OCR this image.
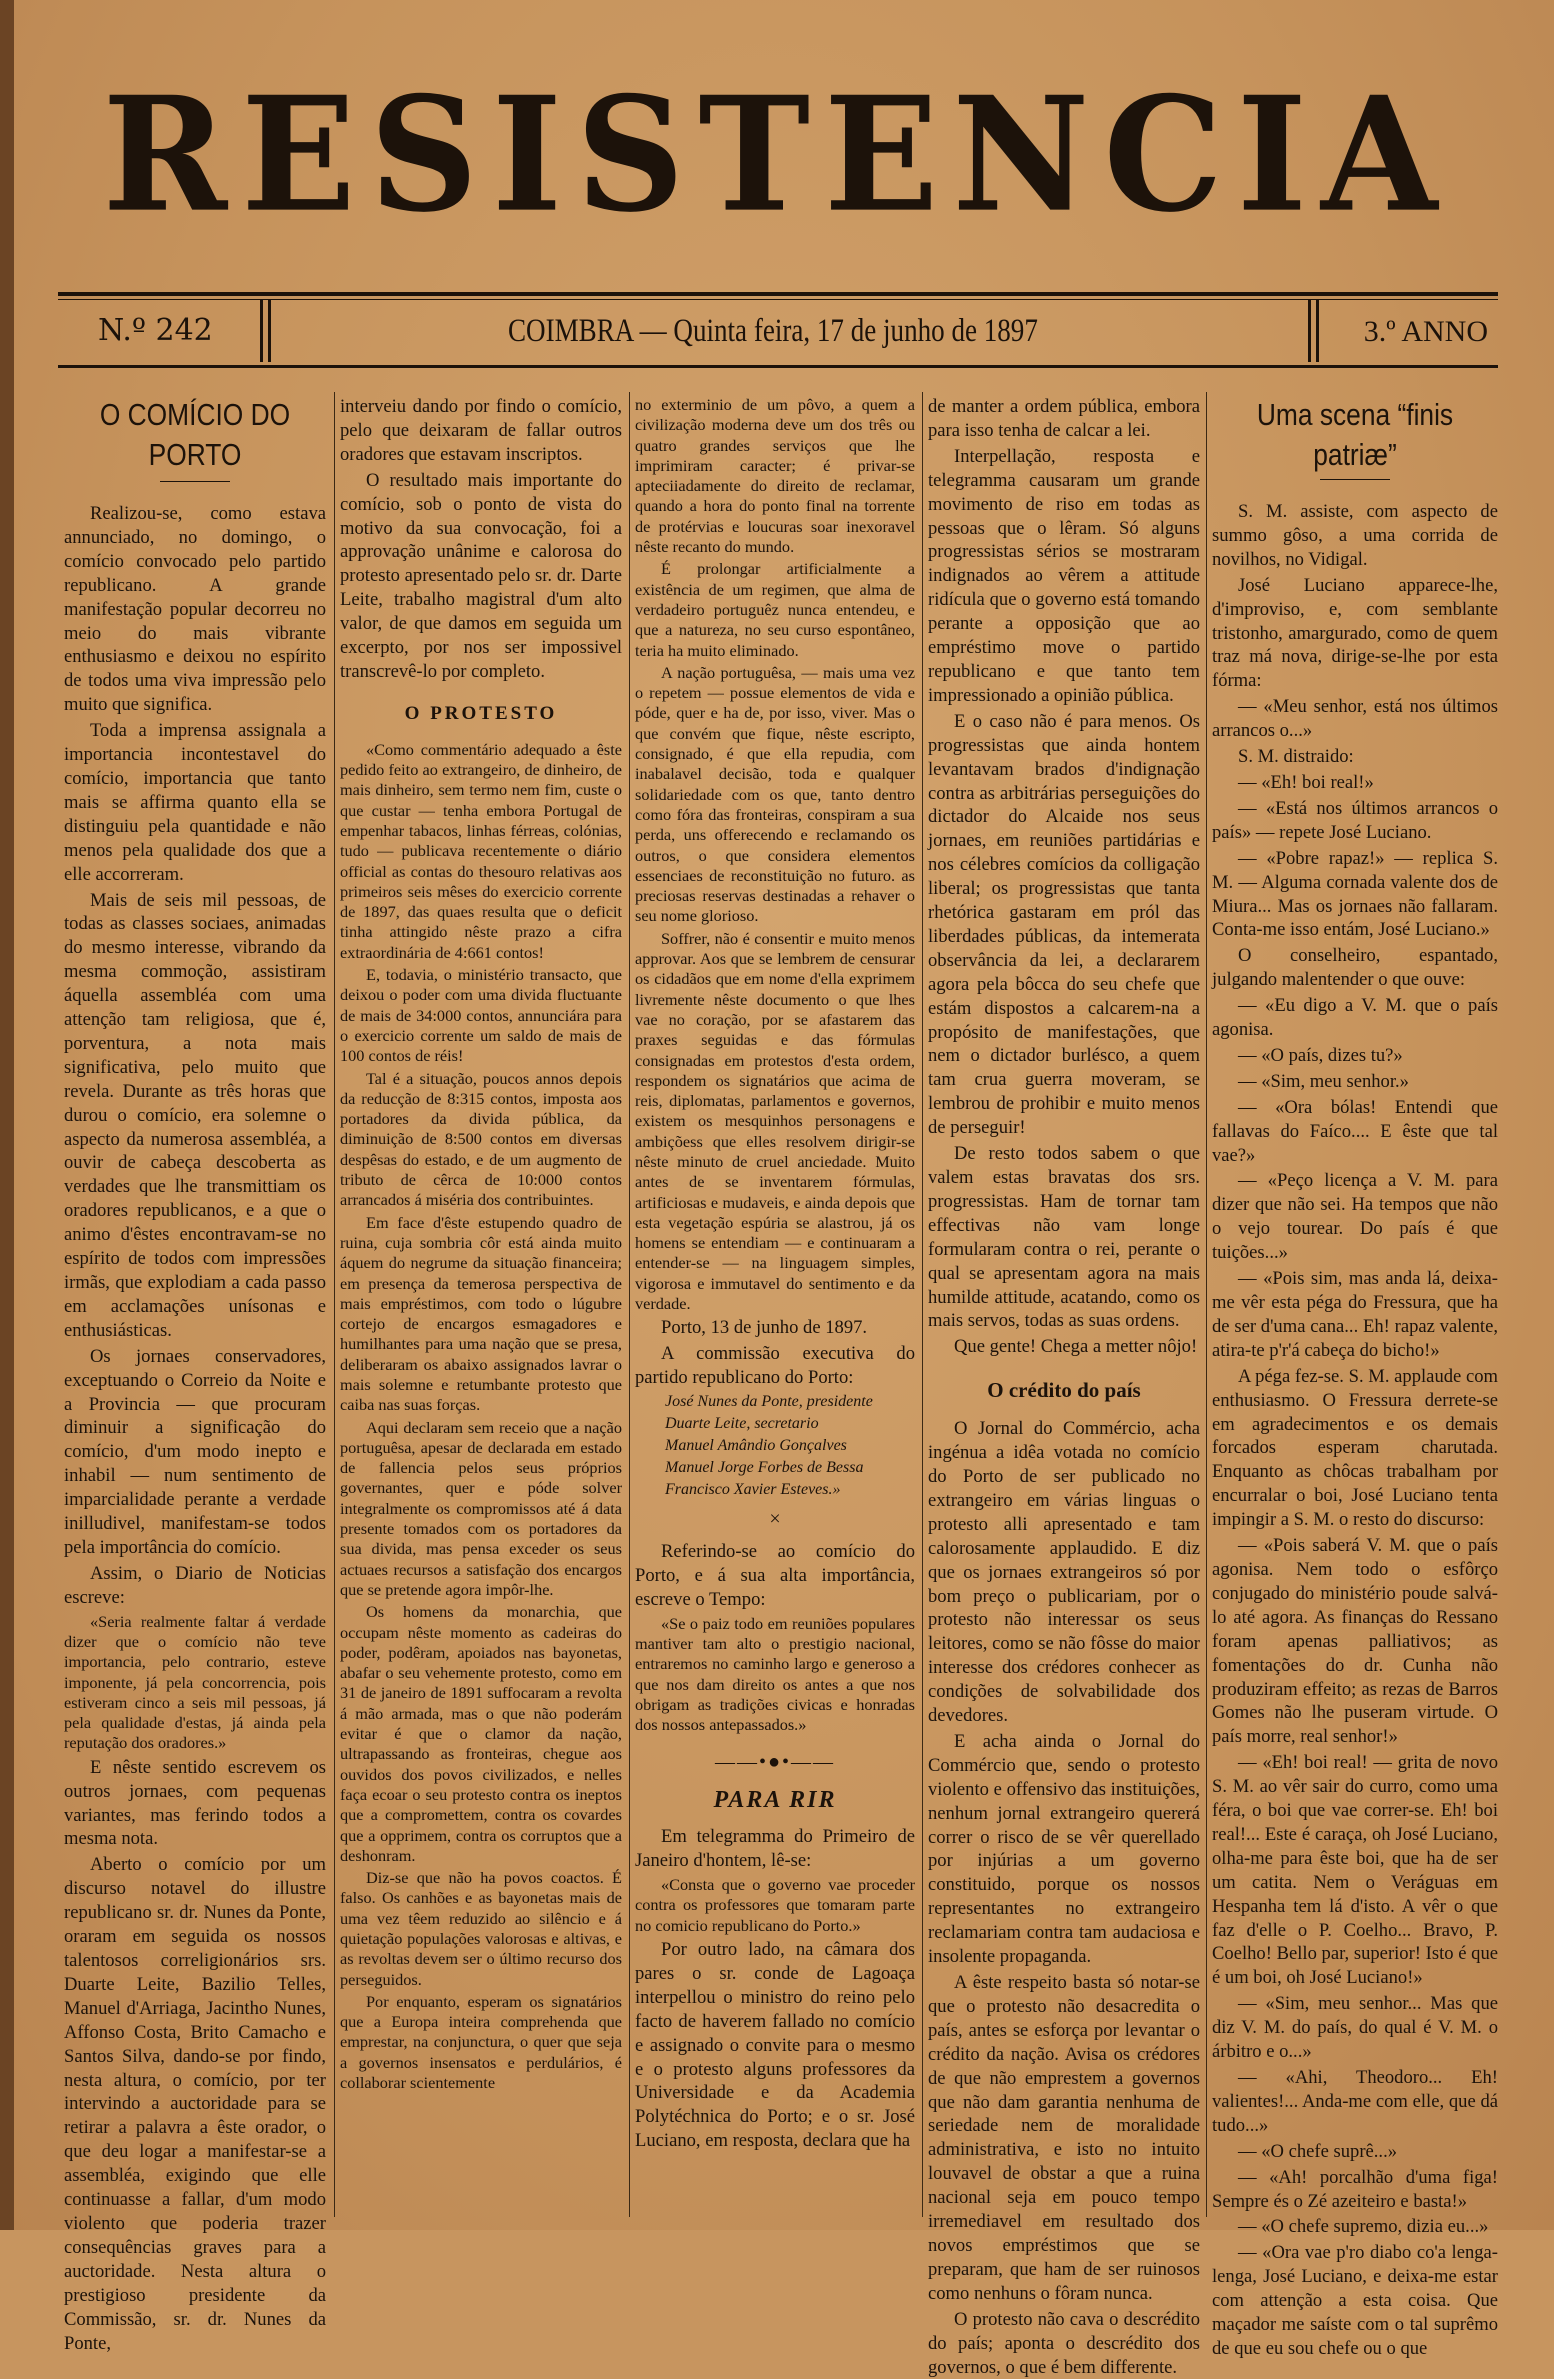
RESISTENCIA
N.º 242	COIMBRA — Quinta feira, 17 de junho de 1897	3.º ANNO
O COMÍCIO DO PORTO

Realizou-se, como estava annunciado, no domingo, o comício convocado pelo partido republicano. A grande manifestação popular decorreu no meio do mais vibrante enthusiasmo e deixou no espírito de todos uma viva impressão pelo muito que significa.

Toda a imprensa assignala a importancia incontestavel do comício, importancia que tanto mais se affirma quanto ella se distinguiu pela quantidade e não menos pela qualidade dos que a elle accorreram.

Mais de seis mil pessoas, de todas as classes sociaes, animadas do mesmo interesse, vibrando da mesma commoção, assistiram áquella assembléa com uma attenção tam religiosa, que é, porventura, a nota mais significativa, pelo muito que revela. Durante as três horas que durou o comício, era solemne o aspecto da numerosa assembléa, a ouvir de cabeça descoberta as verdades que lhe transmittiam os oradores republicanos, e a que o animo d'êstes encontravam-se no espírito de todos com impressões irmãs, que explodiam a cada passo em acclamações unísonas e enthusiásticas.

Os jornaes conservadores, exceptuando o Correio da Noite e a Provincia — que procuram diminuir a significação do comício, d'um modo inepto e inhabil — num sentimento de imparcialidade perante a verdade inilludivel, manifestam-se todos pela importância do comício.

Assim, o Diario de Noticias escreve:

«Seria realmente faltar á verdade dizer que o comício não teve importancia, pelo contrario, esteve imponente, já pela concorrencia, pois estiveram cinco a seis mil pessoas, já pela qualidade d'estas, já ainda pela reputação dos oradores.»

E nêste sentido escrevem os outros jornaes, com pequenas variantes, mas ferindo todos a mesma nota.

Aberto o comício por um discurso notavel do illustre republicano sr. dr. Nunes da Ponte, oraram em seguida os nossos talentosos correligionários srs. Duarte Leite, Bazilio Telles, Manuel d'Arriaga, Jacintho Nunes, Affonso Costa, Brito Camacho e Santos Silva, dando-se por findo, nesta altura, o comício, por ter intervindo a auctoridade para se retirar a palavra a êste orador, o que deu logar a manifestar-se a assembléa, exigindo que elle continuasse a fallar, d'um modo violento que poderia trazer consequências graves para a auctoridade. Nesta altura o prestigioso presidente da Commissão, sr. dr. Nunes da Ponte,

interveiu dando por findo o comício, pelo que deixaram de fallar outros oradores que estavam inscriptos.

O resultado mais importante do comício, sob o ponto de vista do motivo da sua convocação, foi a approvação unânime e calorosa do protesto apresentado pelo sr. dr. Darte Leite, trabalho magistral d'um alto valor, de que damos em seguida um excerpto, por nos ser impossivel transcrevê-lo por completo.

O PROTESTO

«Como commentário adequado a êste pedido feito ao extrangeiro, de dinheiro, de mais dinheiro, sem termo nem fim, custe o que custar — tenha embora Portugal de empenhar tabacos, linhas férreas, colónias, tudo — publicava recentemente o diário official as contas do thesouro relativas aos primeiros seis mêses do exercicio corrente de 1897, das quaes resulta que o deficit tinha attingido nêste prazo a cifra extraordinária de 4:661 contos!

E, todavia, o ministério transacto, que deixou o poder com uma divida fluctuante de mais de 34:000 contos, annunciára para o exercicio corrente um saldo de mais de 100 contos de réis!

Tal é a situação, poucos annos depois da reducção de 8:315 contos, imposta aos portadores da divida pública, da diminuição de 8:500 contos em diversas despêsas do estado, e de um augmento de tributo de cêrca de 10:000 contos arrancados á miséria dos contribuintes.

Em face d'êste estupendo quadro de ruina, cuja sombria côr está ainda muito áquem do negrume da situação financeira; em presença da temerosa perspectiva de mais empréstimos, com todo o lúgubre cortejo de encargos esmagadores e humilhantes para uma nação que se presa, deliberaram os abaixo assignados lavrar o mais solemne e retumbante protesto que caiba nas suas forças.

Aqui declaram sem receio que a nação portuguêsa, apesar de declarada em estado de fallencia pelos seus próprios governantes, quer e póde solver integralmente os compromissos até á data presente tomados com os portadores da sua divida, mas pensa exceder os seus actuaes recursos a satisfação dos encargos que se pretende agora impôr-lhe.

Os homens da monarchia, que occupam nêste momento as cadeiras do poder, podêram, apoiados nas bayonetas, abafar o seu vehemente protesto, como em 31 de janeiro de 1891 suffocaram a revolta á mão armada, mas o que não poderám evitar é que o clamor da nação, ultrapassando as fronteiras, chegue aos ouvidos dos povos civilizados, e nelles faça ecoar o seu protesto contra os ineptos que a compromettem, contra os covardes que a opprimem, contra os corruptos que a deshonram.

Diz-se que não ha povos coactos. É falso. Os canhões e as bayonetas mais de uma vez têem reduzido ao silêncio e á quietação populações valorosas e altivas, e as revoltas devem ser o último recurso dos perseguidos.

Por enquanto, esperam os signatários que a Europa inteira comprehenda que emprestar, na conjunctura, o quer que seja a governos insensatos e perdulários, é collaborar scientemente

no exterminio de um pôvo, a quem a civilização moderna deve um dos três ou quatro grandes serviços que lhe imprimiram caracter; é privar-se apteciiadamente do direito de reclamar, quando a hora do ponto final na torrente de protérvias e loucuras soar inexoravel nêste recanto do mundo.

É prolongar artificialmente a existência de um regimen, que alma de verdadeiro portuguêz nunca entendeu, e que a natureza, no seu curso espontâneo, teria ha muito eliminado.

A nação portuguêsa, — mais uma vez o repetem — possue elementos de vida e póde, quer e ha de, por isso, viver. Mas o que convém que fique, nêste escripto, consignado, é que ella repudia, com inabalavel decisão, toda e qualquer solidariedade com os que, tanto dentro como fóra das fronteiras, conspiram a sua perda, uns offerecendo e reclamando os outros, o que considera elementos essenciaes de reconstituição no futuro. as preciosas reservas destinadas a rehaver o seu nome glorioso.

Soffrer, não é consentir e muito menos approvar. Aos que se lembrem de censurar os cidadãos que em nome d'ella exprimem livremente nêste documento o que lhes vae no coração, por se afastarem das praxes seguidas e das fórmulas consignadas em protestos d'esta ordem, respondem os signatários que acima de reis, diplomatas, parlamentos e governos, existem os mesquinhos personagens e ambiçõess que elles resolvem dirigir-se nêste minuto de cruel anciedade. Muito antes de se inventarem fórmulas, artificiosas e mudaveis, e ainda depois que esta vegetação espúria se alastrou, já os homens se entendiam — e continuaram a entender-se — na linguagem simples, vigorosa e immutavel do sentimento e da verdade.

Porto, 13 de junho de 1897.

A commissão executiva do partido republicano do Porto:

José Nunes da Ponte, presidente

Duarte Leite, secretario

Manuel Amândio Gonçalves

Manuel Jorge Forbes de Bessa

Francisco Xavier Esteves.»

×

Referindo-se ao comício do Porto, e á sua alta importância, escreve o Tempo:

«Se o paiz todo em reuniões populares mantiver tam alto o prestigio nacional, entraremos no caminho largo e generoso a que nos dam direito os antes a que nos obrigam as tradições civicas e honradas dos nossos antepassados.»

——•●•——
PARA RIR

Em telegramma do Primeiro de Janeiro d'hontem, lê-se:

«Consta que o governo vae proceder contra os professores que tomaram parte no comicio republicano do Porto.»

Por outro lado, na câmara dos pares o sr. conde de Lagoaça interpellou o ministro do reino pelo facto de haverem fallado no comício e assignado o convite para o mesmo e o protesto alguns professores da Universidade e da Academia Polytéchnica do Porto; e o sr. José Luciano, em resposta, declara que ha

de manter a ordem pública, embora para isso tenha de calcar a lei.

Interpellação, resposta e telegramma causaram um grande movimento de riso em todas as pessoas que o lêram. Só alguns progressistas sérios se mostraram indignados ao vêrem a attitude ridícula que o governo está tomando perante a opposição que ao empréstimo move o partido republicano e que tanto tem impressionado a opinião pública.

E o caso não é para menos. Os progressistas que ainda hontem levantavam brados d'indignação contra as arbitrárias perseguições do dictador do Alcaide nos seus jornaes, em reuniões partidárias e nos célebres comícios da colligação liberal; os progressistas que tanta rhetórica gastaram em pról das liberdades públicas, da intemerata observância da lei, a declararem agora pela bôcca do seu chefe que estám dispostos a calcarem-na a propósito de manifestações, que nem o dictador burlésco, a quem tam crua guerra moveram, se lembrou de prohibir e muito menos de perseguir!

De resto todos sabem o que valem estas bravatas dos srs. progressistas. Ham de tornar tam effectivas não vam longe formularam contra o rei, perante o qual se apresentam agora na mais humilde attitude, acatando, como os mais servos, todas as suas ordens.

Que gente! Chega a metter nôjo!

O crédito do país

O Jornal do Commércio, acha ingénua a idêa votada no comício do Porto de ser publicado no extrangeiro em várias linguas o protesto alli apresentado e tam calorosamente applaudido. E diz que os jornaes extrangeiros só por bom preço o publicariam, por o protesto não interessar os seus leitores, como se não fôsse do maior interesse dos crédores conhecer as condições de solvabilidade dos devedores.

E acha ainda o Jornal do Commércio que, sendo o protesto violento e offensivo das instituições, nenhum jornal extrangeiro quererá correr o risco de se vêr querellado por injúrias a um governo constituido, porque os nossos representantes no extrangeiro reclamariam contra tam audaciosa e insolente propaganda.

A êste respeito basta só notar-se que o protesto não desacredita o país, antes se esforça por levantar o crédito da nação. Avisa os crédores de que não emprestem a governos que não dam garantia nenhuma de seriedade nem de moralidade administrativa, e isto no intuito louvavel de obstar a que a ruina nacional seja em pouco tempo irremediavel em resultado dos novos empréstimos que se preparam, que ham de ser ruinosos como nenhuns o fôram nunca.

O protesto não cava o descrédito do país; aponta o descrédito dos governos, o que é bem differente.

Uma scena “finis patriæ”

S. M. assiste, com aspecto de summo gôso, a uma corrida de novilhos, no Vidigal.

José Luciano apparece-lhe, d'improviso, e, com semblante tristonho, amargurado, como de quem traz má nova, dirige-se-lhe por esta fórma:

— «Meu senhor, está nos últimos arrancos o...»

S. M. distraido:

— «Eh! boi real!»

— «Está nos últimos arrancos o país» — repete José Luciano.

— «Pobre rapaz!» — replica S. M. — Alguma cornada valente dos de Miura... Mas os jornaes não fallaram. Conta-me isso entám, José Luciano.»

O conselheiro, espantado, julgando malentender o que ouve:

— «Eu digo a V. M. que o país agonisa.

— «O país, dizes tu?»

— «Sim, meu senhor.»

— «Ora bólas! Entendi que fallavas do Faíco.... E êste que tal vae?»

— «Peço licença a V. M. para dizer que não sei. Ha tempos que não o vejo tourear. Do país é que tuições...»

— «Pois sim, mas anda lá, deixa-me vêr esta péga do Fressura, que ha de ser d'uma cana... Eh! rapaz valente, atira-te p'r'á cabeça do bicho!»

A péga fez-se. S. M. applaude com enthusiasmo. O Fressura derrete-se em agradecimentos e os demais forcados esperam charutada. Enquanto as chôcas trabalham por encurralar o boi, José Luciano tenta impingir a S. M. o resto do discurso:

— «Pois saberá V. M. que o país agonisa. Nem todo o esfôrço conjugado do ministério poude salvá-lo até agora. As finanças do Ressano foram apenas palliativos; as fomentações do dr. Cunha não produziram effeito; as rezas de Barros Gomes não lhe puseram virtude. O país morre, real senhor!»

— «Eh! boi real! — grita de novo S. M. ao vêr sair do curro, como uma féra, o boi que vae correr-se. Eh! boi real!... Este é caraça, oh José Luciano, olha-me para êste boi, que ha de ser um catita. Nem o Veráguas em Hespanha tem lá d'isto. A vêr o que faz d'elle o P. Coelho... Bravo, P. Coelho! Bello par, superior! Isto é que é um boi, oh José Luciano!»

— «Sim, meu senhor... Mas que diz V. M. do país, do qual é V. M. o árbitro e o...»

— «Ahi, Theodoro... Eh! valientes!... Anda-me com elle, que dá tudo...»

— «O chefe suprê...»

— «Ah! porcalhão d'uma figa! Sempre és o Zé azeiteiro e basta!»

— «O chefe supremo, dizia eu...»

— «Ora vae p'ro diabo co'a lenga-lenga, José Luciano, e deixa-me estar com attenção a esta coisa. Que maçador me saíste com o tal suprêmo de que eu sou chefe ou o que
